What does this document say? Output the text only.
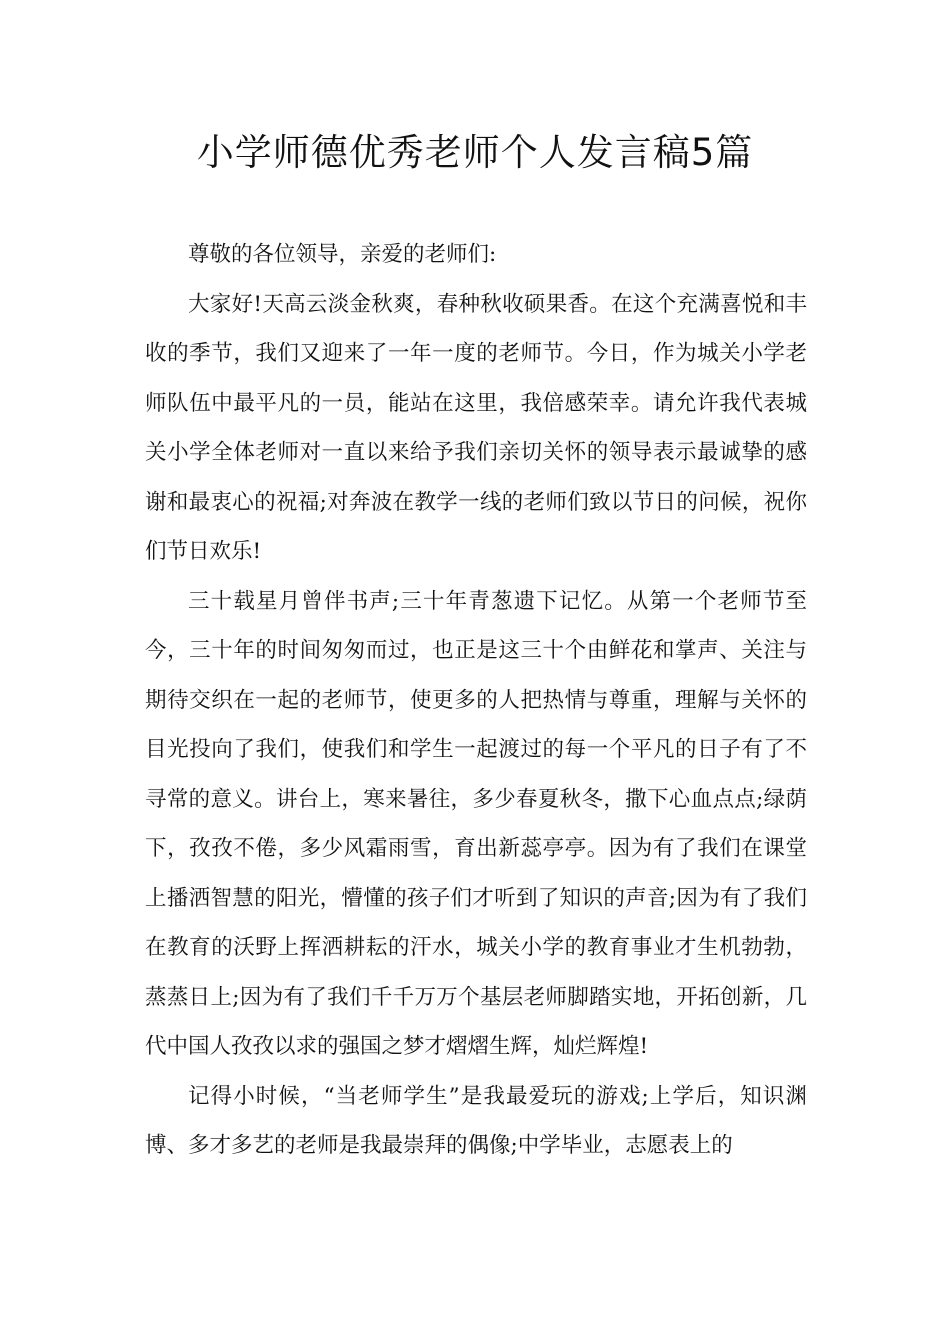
小学师德优秀老师个人发言稿5篇

尊敬的各位领导，亲爱的老师们:

大家好!天高云淡金秋爽，春种秋收硕果香。在这个充满喜悦和丰收的季节，我们又迎来了一年一度的老师节。今日，作为城关小学老师队伍中最平凡的一员，能站在这里，我倍感荣幸。请允许我代表城关小学全体老师对一直以来给予我们亲切关怀的领导表示最诚挚的感谢和最衷心的祝福;对奔波在教学一线的老师们致以节日的问候，祝你们节日欢乐!

三十载星月曾伴书声;三十年青葱遗下记忆。从第一个老师节至今，三十年的时间匆匆而过，也正是这三十个由鲜花和掌声、关注与期待交织在一起的老师节，使更多的人把热情与尊重，理解与关怀的目光投向了我们，使我们和学生一起渡过的每一个平凡的日子有了不寻常的意义。讲台上，寒来暑往，多少春夏秋冬，撒下心血点点;绿荫下，孜孜不倦，多少风霜雨雪，育出新蕊亭亭。因为有了我们在课堂上播洒智慧的阳光，懵懂的孩子们才听到了知识的声音;因为有了我们在教育的沃野上挥洒耕耘的汗水，城关小学的教育事业才生机勃勃，蒸蒸日上;因为有了我们千千万万个基层老师脚踏实地，开拓创新，几代中国人孜孜以求的强国之梦才熠熠生辉，灿烂辉煌!

记得小时候，“当老师学生”是我最爱玩的游戏;上学后，知识渊博、多才多艺的老师是我最崇拜的偶像;中学毕业，志愿表上的
